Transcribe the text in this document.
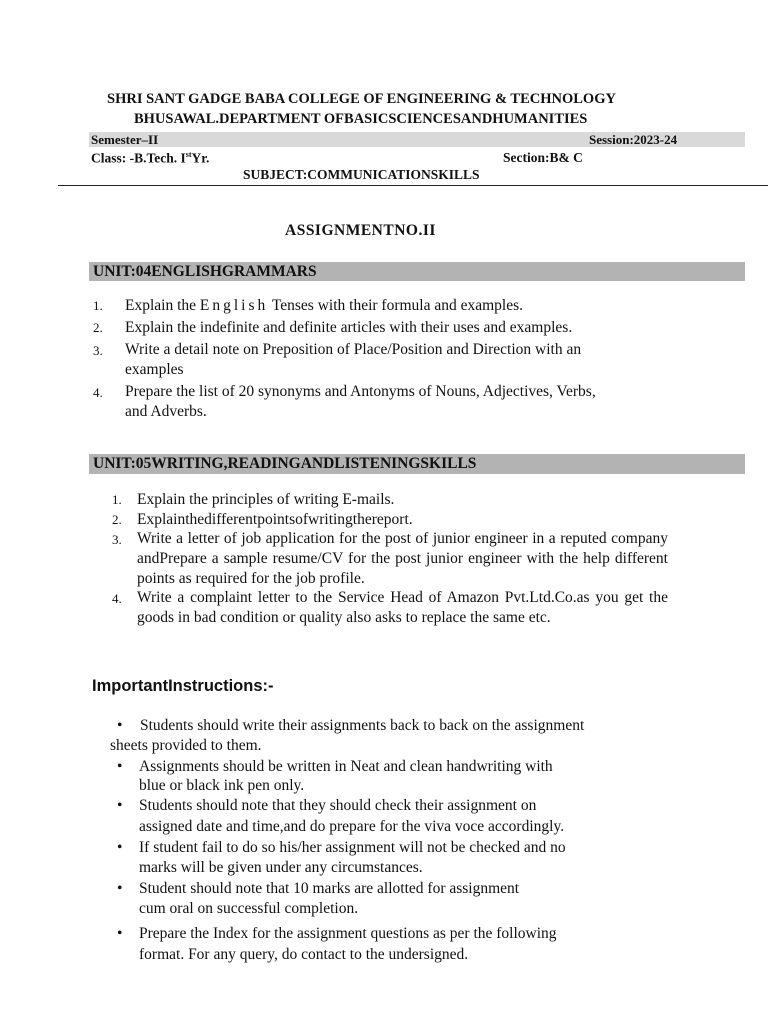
SHRI SANT GADGE BABA COLLEGE OF ENGINEERING & TECHNOLOGY
BHUSAWAL.DEPARTMENT OFBASICSCIENCESANDHUMANITIES
Semester–II	Session:2023-24
Class: -B.Tech. IstYr.	Section:B& C
SUBJECT:COMMUNICATIONSKILLS
ASSIGNMENTNO.II
UNIT:04ENGLISHGRAMMARS
1. Explain the English Tenses with their formula and examples.
2. Explain the indefinite and definite articles with their uses and examples.
3. Write a detail note on Preposition of Place/Position and Direction with an
examples
4. Prepare the list of 20 synonyms and Antonyms of Nouns, Adjectives, Verbs,
and Adverbs.
UNIT:05WRITING,READINGANDLISTENINGSKILLS
1. Explain the principles of writing E-mails.
2. Explainthedifferentpointsofwritingthereport.
3. Write a letter of job application for the post of junior engineer in a reputed company andPrepare a sample resume/CV for the post junior engineer with the help different points as required for the job profile.
4. Write a complaint letter to the Service Head of Amazon Pvt.Ltd.Co.as you get the goods in bad condition or quality also asks to replace the same etc.
ImportantInstructions:-
• Students should write their assignments back to back on the assignment
sheets provided to them.
• Assignments should be written in Neat and clean handwriting with
blue or black ink pen only.
• Students should note that they should check their assignment on
assigned date and time,and do prepare for the viva voce accordingly.
• If student fail to do so his/her assignment will not be checked and no
marks will be given under any circumstances.
• Student should note that 10 marks are allotted for assignment
cum oral on successful completion.
• Prepare the Index for the assignment questions as per the following
format. For any query, do contact to the undersigned.
